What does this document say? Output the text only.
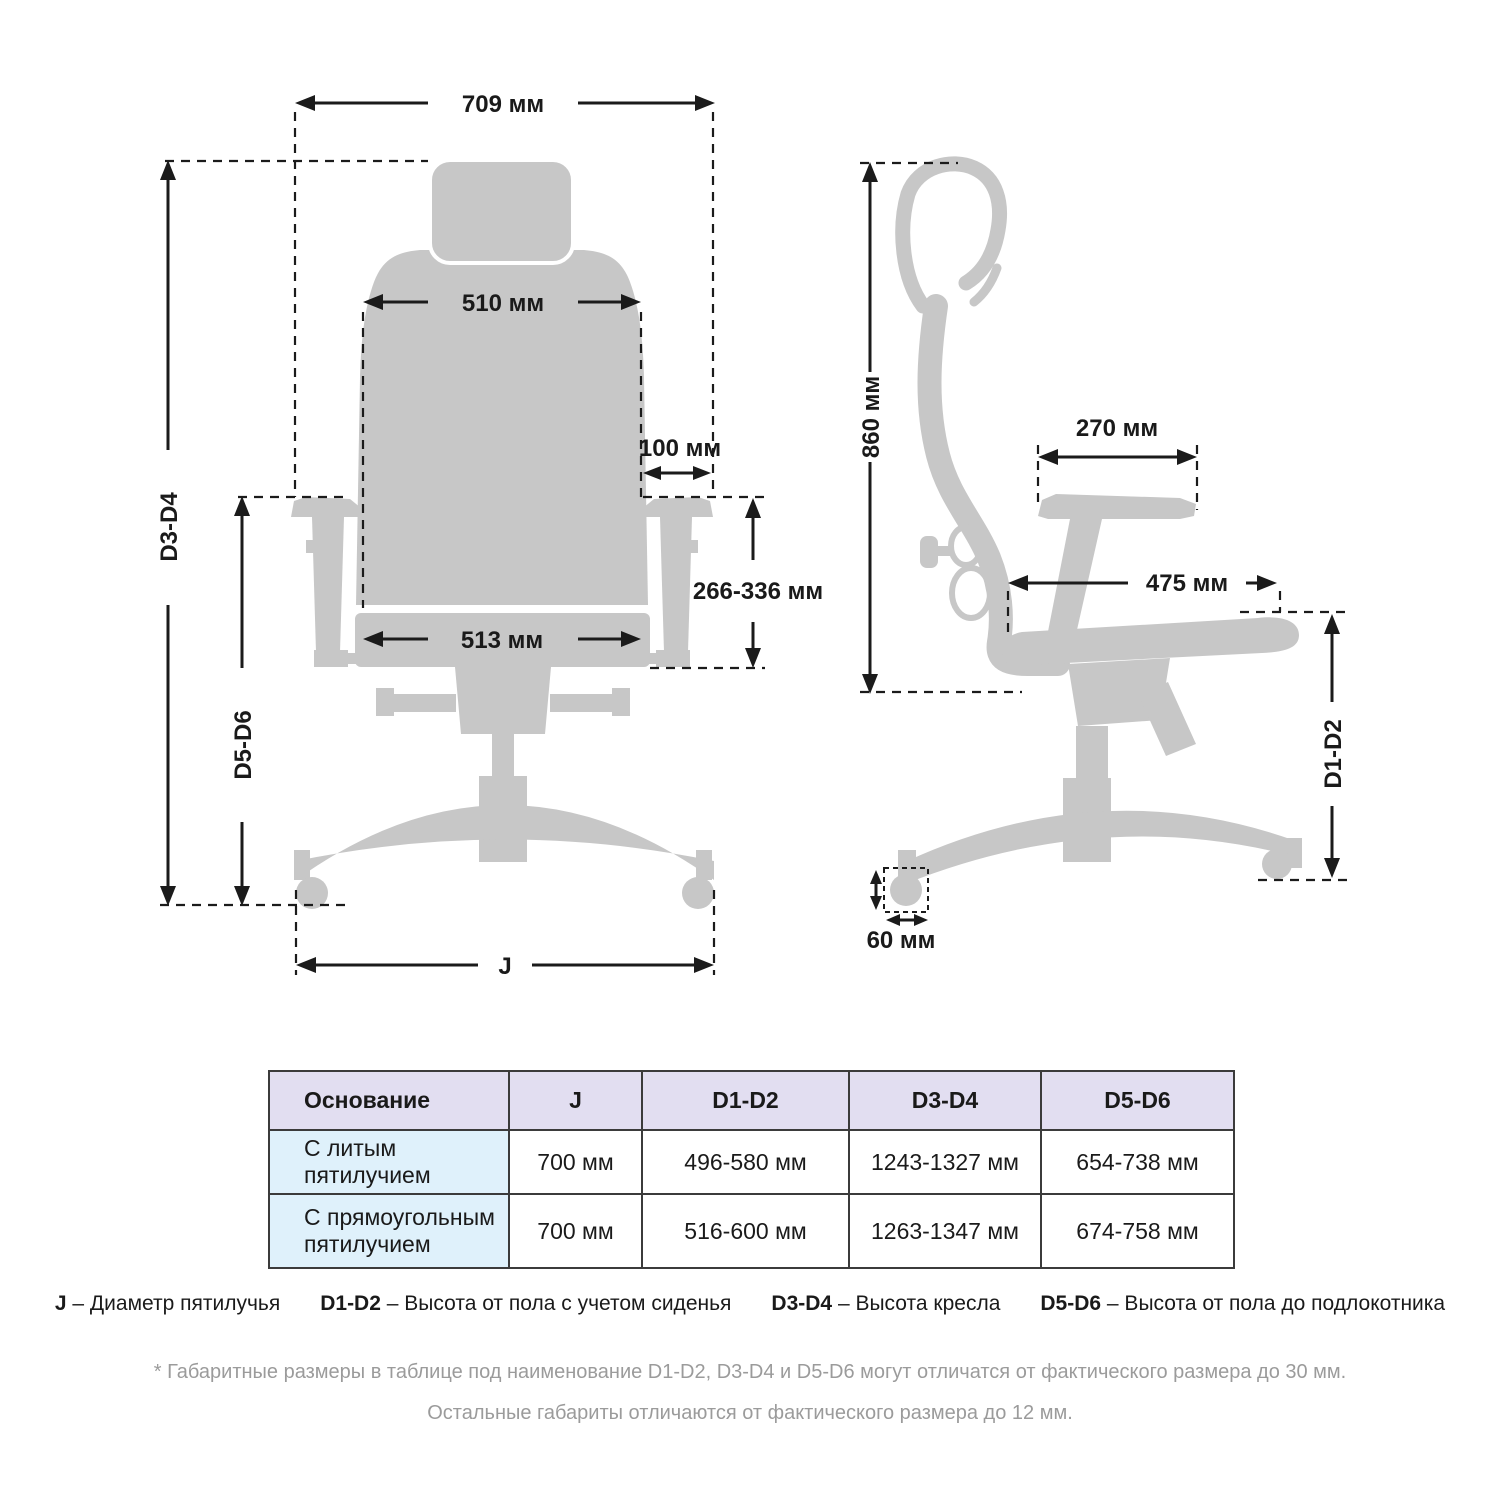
709 мм
510 мм
100 мм
266-336 мм
513 мм
D3-D4
D5-D6
J
860 мм	270 мм
475 мм
D1-D2
60 мм
Основание	J	D1-D2	D3-D4	D5-D6
С литым пятилучием	700 мм	496-580 мм	1243-1327 мм	654-738 мм
С прямоугольным пятилучием	700 мм	516-600 мм	1263-1347 мм	674-758 мм
J – Диаметр пятилучья D1-D2 – Высота от пола с учетом сиденья D3-D4 – Высота кресла D5-D6 – Высота от пола до подлокотника
* Габаритные размеры в таблице под наименование D1-D2, D3-D4 и D5-D6 могут отличатся от фактического размера до 30 мм.
Остальные габариты отличаются от фактического размера до 12 мм.
